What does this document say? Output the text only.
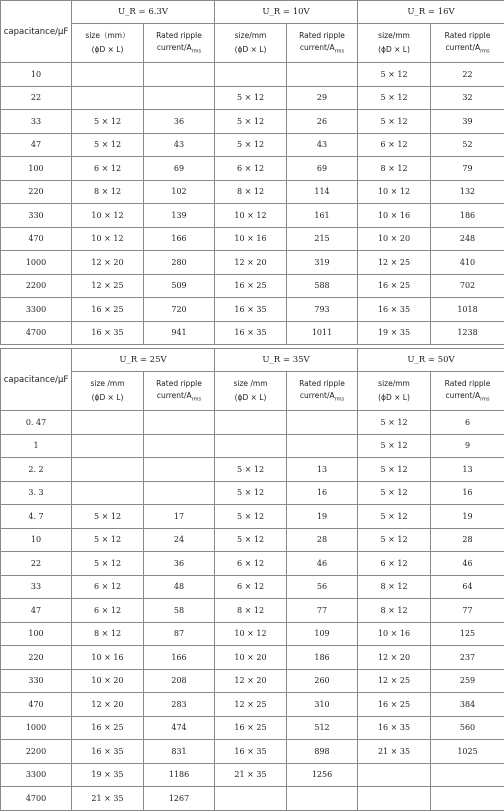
capacitance/μF	U_R = 6.3V		U_R = 10V		U_R = 16V	

	size（mm）
(ϕD × L)	Rated ripple
current/$A_{rms}$	size/mm
(ϕD × L)	Rated ripple
current/$A_{rms}$	size/mm
(ϕD × L)	Rated ripple
current/$A_{rms}$

10					5 × 12	22
22			5 × 12	29	5 × 12	32
33	5 × 12	36	5 × 12	26	5 × 12	39
47	5 × 12	43	5 × 12	43	6 × 12	52
100	6 × 12	69	6 × 12	69	8 × 12	79
220	8 × 12	102	8 × 12	114	10 × 12	132
330	10 × 12	139	10 × 12	161	10 × 16	186
470	10 × 12	166	10 × 16	215	10 × 20	248
1000	12 × 20	280	12 × 20	319	12 × 25	410
2200	12 × 25	509	16 × 25	588	16 × 25	702
3300	16 × 25	720	16 × 35	793	16 × 35	1018
4700	16 × 35	941	16 × 35	1011	19 × 35	1238

capacitance/μF	U_R = 25V		U_R = 35V		U_R = 50V	

	size /mm
(ϕD × L)	Rated ripple
current/$A_{rms}$	size /mm
(ϕD × L)	Rated ripple
current/$A_{rms}$	size/mm
(ϕD × L)	Rated ripple
current/$A_{rms}$

0. 47					5 × 12	6
1					5 × 12	9
2. 2			5 × 12	13	5 × 12	13
3. 3			5 × 12	16	5 × 12	16
4. 7	5 × 12	17	5 × 12	19	5 × 12	19
10	5 × 12	24	5 × 12	28	5 × 12	28
22	5 × 12	36	6 × 12	46	6 × 12	46
33	6 × 12	48	6 × 12	56	8 × 12	64
47	6 × 12	58	8 × 12	77	8 × 12	77
100	8 × 12	87	10 × 12	109	10 × 16	125
220	10 × 16	166	10 × 20	186	12 × 20	237
330	10 × 20	208	12 × 20	260	12 × 25	259
470	12 × 20	283	12 × 25	310	16 × 25	384
1000	16 × 25	474	16 × 25	512	16 × 35	560
2200	16 × 35	831	16 × 35	898	21 × 35	1025
3300	19 × 35	1186	21 × 35	1256		
4700	21 × 35	1267				
